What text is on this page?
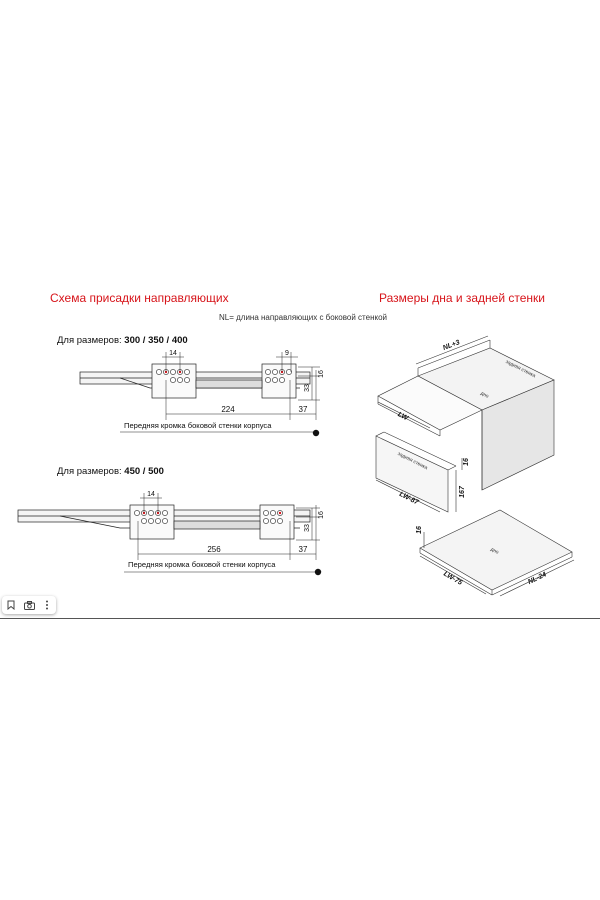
Схема присадки направляющих	Размеры дна и задней стенки
NL= длина направляющих с боковой стенкой
Для размеров: 300 / 350 / 400
Для размеров: 450 / 500
14	9
16
33
224	37
Передняя кромка боковой стенки корпуса
14
16
33
256	37
Передняя кромка боковой стенки корпуса
NL+3
LW
дно
задняя стенка
задняя стенка
LW-87
16
167
дно
16
LW-75	NL-24
